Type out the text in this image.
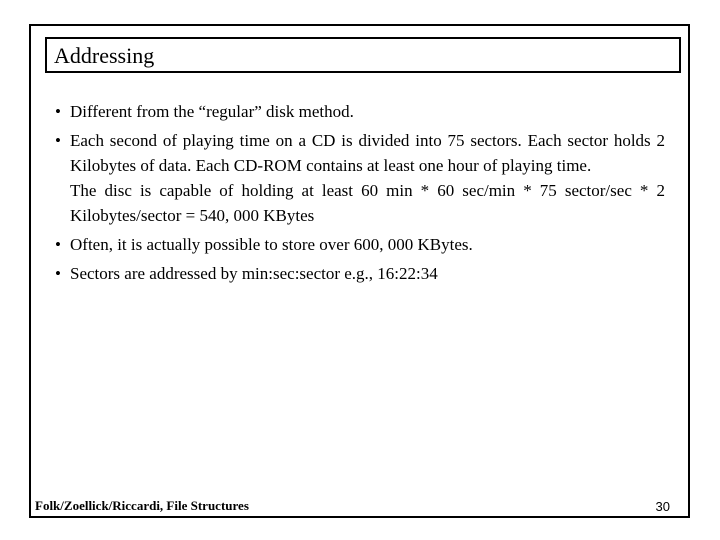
Addressing
• Different from the “regular” disk method.
• Each second of playing time on a CD is divided into 75 sectors. Each sector holds 2 Kilobytes of data. Each CD-ROM contains at least one hour of playing time.
The disc is capable of holding at least 60 min * 60 sec/min * 75 sector/sec * 2 Kilobytes/sector = 540, 000 KBytes
• Often, it is actually possible to store over 600, 000 KBytes.
• Sectors are addressed by min:sec:sector e.g., 16:22:34
Folk/Zoellick/Riccardi, File Structures	30
